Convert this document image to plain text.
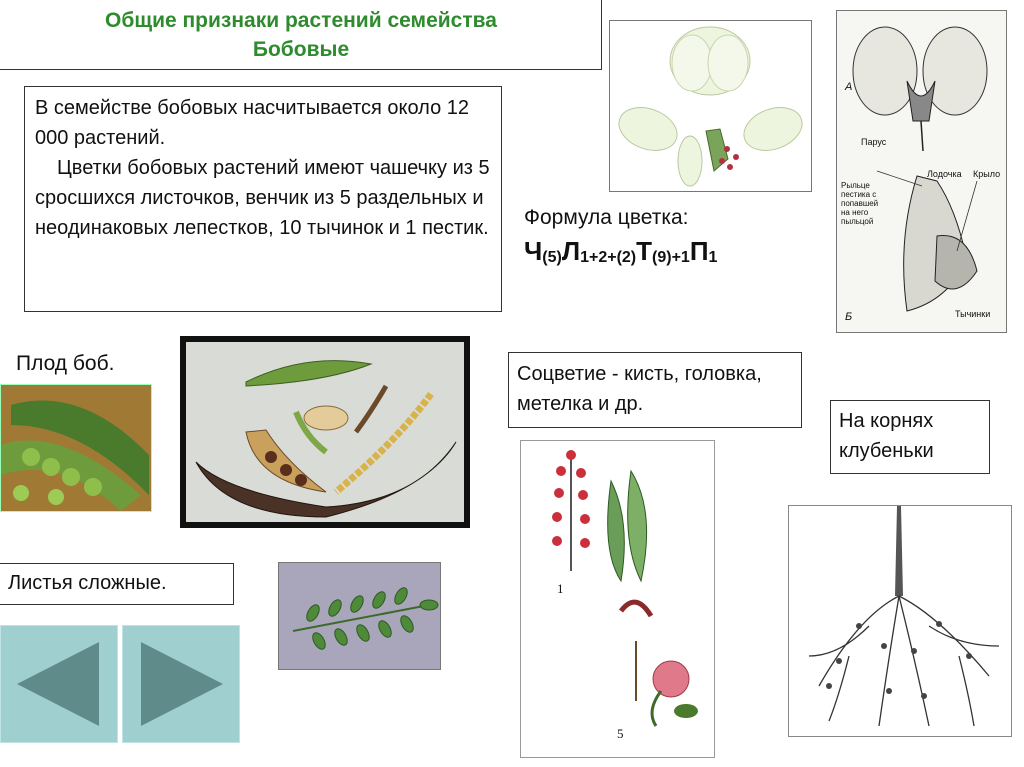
Общие признаки растений семейства
Бобовые

В семействе бобовых насчитывается около 12 000 растений.

Цветки бобовых растений имеют чашечку из 5 сросшихся листочков, венчик из 5 раздельных и неодинаковых лепестков, 10 тычинок и 1 пестик.

А
Б
Парус
Лодочка Крыло
Рыльце пестика с попавшей на него пыльцой
Тычинки
Формула цветка:
$Ч_{(5)}Л_{1+2+(2)}Т_{(9)+1}П_1$
Плод боб.	Соцветие - кисть, головка, метелка и др.
1
5
На корнях клубеньки
Листья сложные.
